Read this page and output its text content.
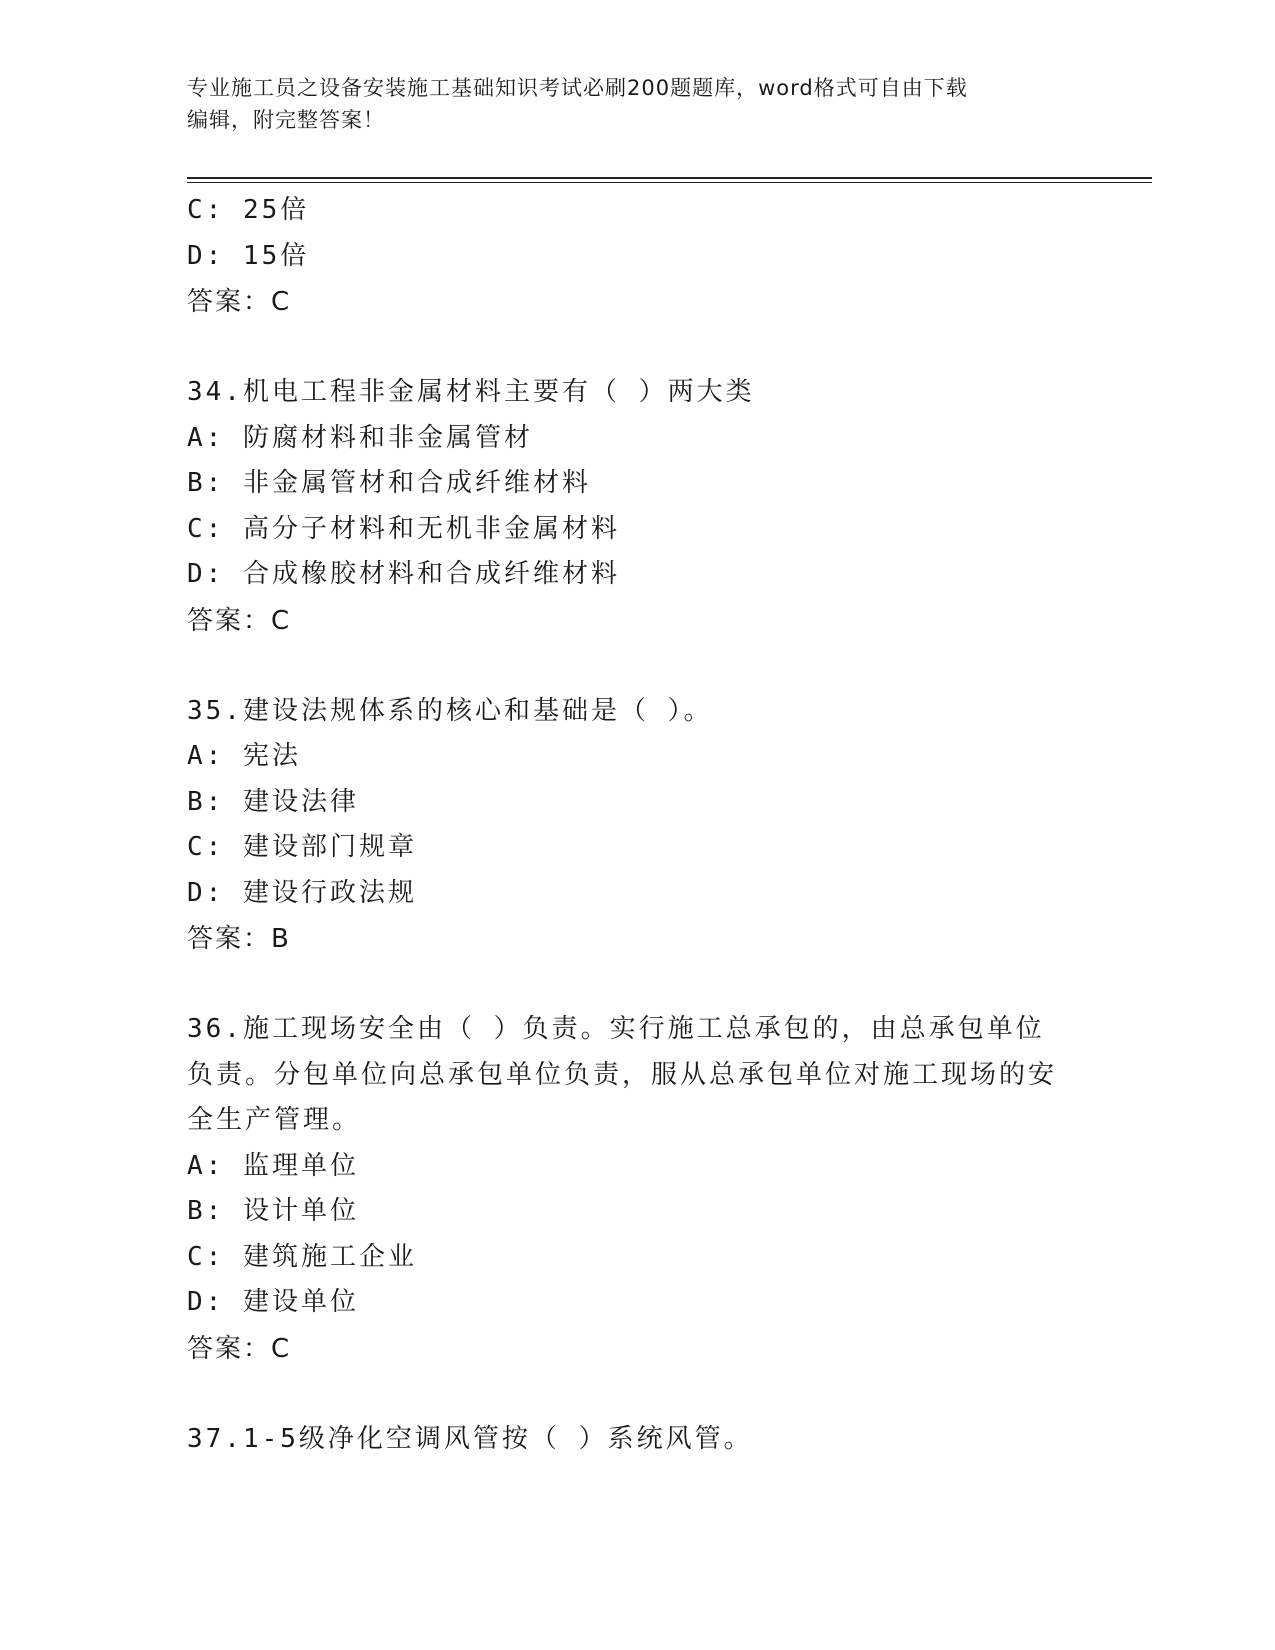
专业施工员之设备安装施工基础知识考试必刷200题题库，word格式可自由下载
编辑，附完整答案！
C: 25倍
D: 15倍
答案：C
34.机电工程非金属材料主要有（ ）两大类
A: 防腐材料和非金属管材
B: 非金属管材和合成纤维材料
C: 高分子材料和无机非金属材料
D: 合成橡胶材料和合成纤维材料
答案：C
35.建设法规体系的核心和基础是（ ）。
A: 宪法
B: 建设法律
C: 建设部门规章
D: 建设行政法规
答案：B
36.施工现场安全由（ ）负责。实行施工总承包的，由总承包单位负责。分包单位向总承包单位负责，服从总承包单位对施工现场的安全生产管理。
A: 监理单位
B: 设计单位
C: 建筑施工企业
D: 建设单位
答案：C
37.1-5级净化空调风管按（ ）系统风管。
